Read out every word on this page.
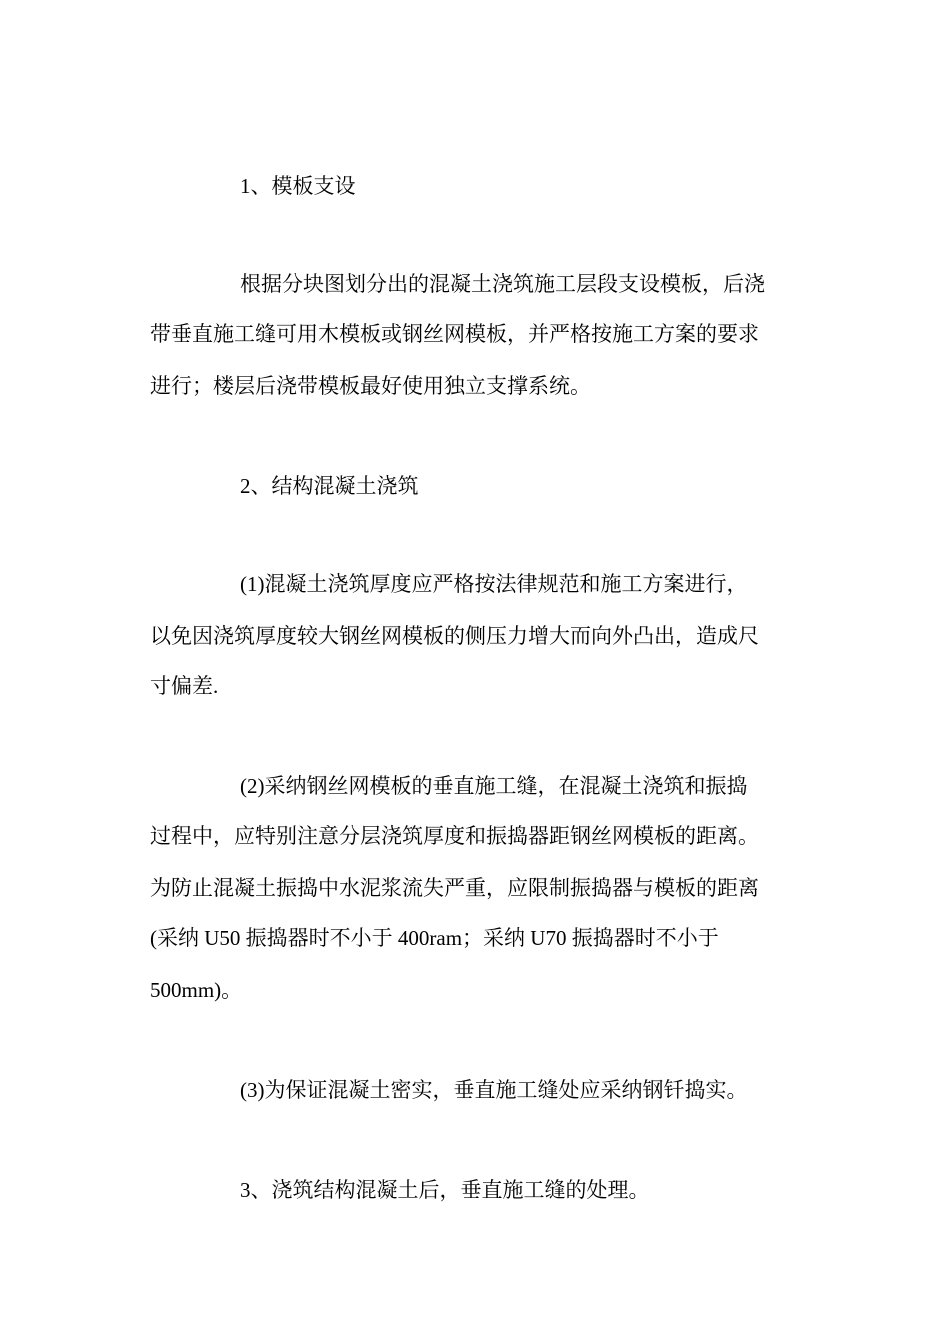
1、模板支设
根据分块图划分出的混凝土浇筑施工层段支设模板，后浇
带垂直施工缝可用木模板或钢丝网模板，并严格按施工方案的要求
进行；楼层后浇带模板最好使用独立支撑系统。
2、结构混凝土浇筑
(1)混凝土浇筑厚度应严格按法律规范和施工方案进行，
以免因浇筑厚度较大钢丝网模板的侧压力增大而向外凸出，造成尺
寸偏差.
(2)采纳钢丝网模板的垂直施工缝，在混凝土浇筑和振捣
过程中，应特别注意分层浇筑厚度和振捣器距钢丝网模板的距离。
为防止混凝土振捣中水泥浆流失严重，应限制振捣器与模板的距离
(采纳 U50 振捣器时不小于 400ram；采纳 U70 振捣器时不小于
500mm)。
(3)为保证混凝土密实，垂直施工缝处应采纳钢钎捣实。
3、浇筑结构混凝土后，垂直施工缝的处理。
